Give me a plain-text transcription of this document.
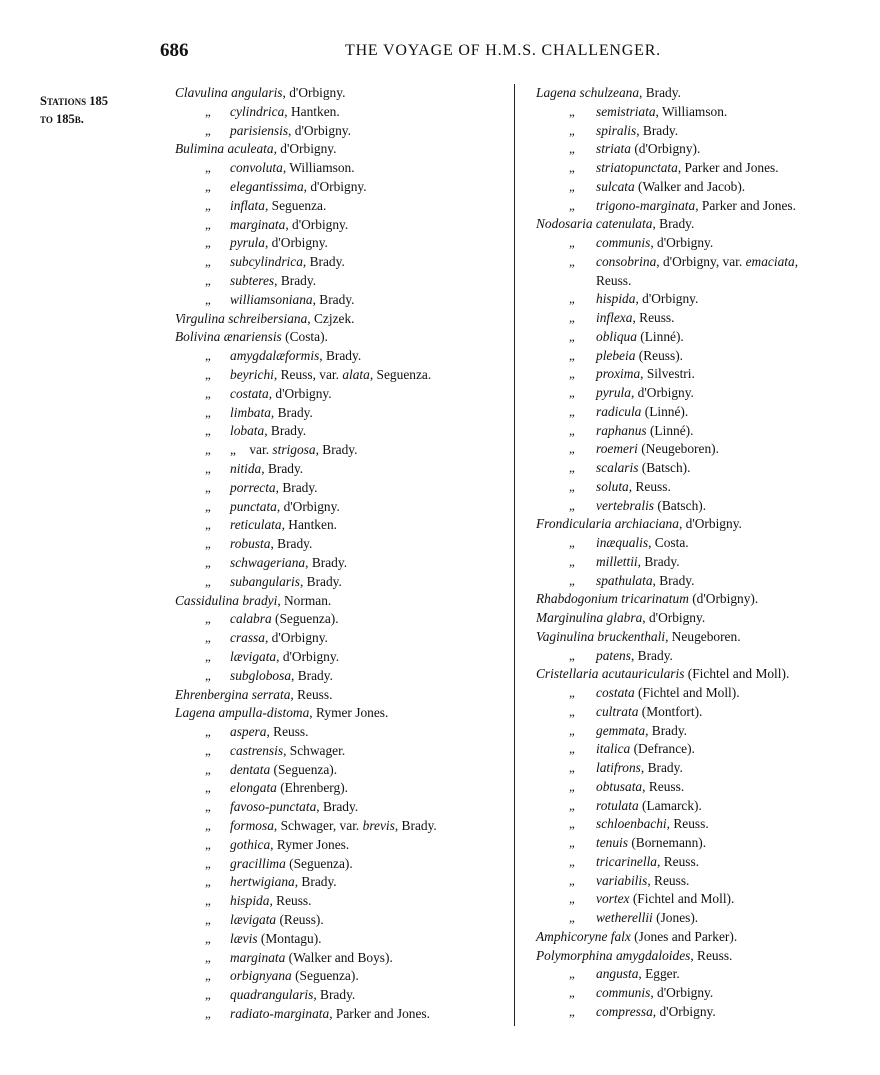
686	THE VOYAGE OF H.M.S. CHALLENGER.
Stations 185
to 185b.
Clavulina angularis, d'Orbigny.
„ cylindrica, Hantken.
„ parisiensis, d'Orbigny.
Bulimina aculeata, d'Orbigny.
„ convoluta, Williamson.
„ elegantissima, d'Orbigny.
„ inflata, Seguenza.
„ marginata, d'Orbigny.
„ pyrula, d'Orbigny.
„ subcylindrica, Brady.
„ subteres, Brady.
„ williamsoniana, Brady.
Virgulina schreibersiana, Czjzek.
Bolivina ænariensis (Costa).
„ amygdalæformis, Brady.
„ beyrichi, Reuss, var. alata, Seguenza.
„ costata, d'Orbigny.
„ limbata, Brady.
„ lobata, Brady.
„ „ var. strigosa, Brady.
„ nitida, Brady.
„ porrecta, Brady.
„ punctata, d'Orbigny.
„ reticulata, Hantken.
„ robusta, Brady.
„ schwageriana, Brady.
„ subangularis, Brady.
Cassidulina bradyi, Norman.
„ calabra (Seguenza).
„ crassa, d'Orbigny.
„ lævigata, d'Orbigny.
„ subglobosa, Brady.
Ehrenbergina serrata, Reuss.
Lagena ampulla-distoma, Rymer Jones.
„ aspera, Reuss.
„ castrensis, Schwager.
„ dentata (Seguenza).
„ elongata (Ehrenberg).
„ favoso-punctata, Brady.
„ formosa, Schwager, var. brevis, Brady.
„ gothica, Rymer Jones.
„ gracillima (Seguenza).
„ hertwigiana, Brady.
„ hispida, Reuss.
„ lævigata (Reuss).
„ lævis (Montagu).
„ marginata (Walker and Boys).
„ orbignyana (Seguenza).
„ quadrangularis, Brady.
„ radiato-marginata, Parker and Jones.
Lagena schulzeana, Brady.
„ semistriata, Williamson.
„ spiralis, Brady.
„ striata (d'Orbigny).
„ striatopunctata, Parker and Jones.
„ sulcata (Walker and Jacob).
„ trigono-marginata, Parker and Jones.
Nodosaria catenulata, Brady.
„ communis, d'Orbigny.
„ consobrina, d'Orbigny, var. emaciata,
Reuss.
„ hispida, d'Orbigny.
„ inflexa, Reuss.
„ obliqua (Linné).
„ plebeia (Reuss).
„ proxima, Silvestri.
„ pyrula, d'Orbigny.
„ radicula (Linné).
„ raphanus (Linné).
„ roemeri (Neugeboren).
„ scalaris (Batsch).
„ soluta, Reuss.
„ vertebralis (Batsch).
Frondicularia archiaciana, d'Orbigny.
„ inæqualis, Costa.
„ millettii, Brady.
„ spathulata, Brady.
Rhabdogonium tricarinatum (d'Orbigny).
Marginulina glabra, d'Orbigny.
Vaginulina bruckenthali, Neugeboren.
„ patens, Brady.
Cristellaria acutauricularis (Fichtel and Moll).
„ costata (Fichtel and Moll).
„ cultrata (Montfort).
„ gemmata, Brady.
„ italica (Defrance).
„ latifrons, Brady.
„ obtusata, Reuss.
„ rotulata (Lamarck).
„ schloenbachi, Reuss.
„ tenuis (Bornemann).
„ tricarinella, Reuss.
„ variabilis, Reuss.
„ vortex (Fichtel and Moll).
„ wetherellii (Jones).
Amphicoryne falx (Jones and Parker).
Polymorphina amygdaloides, Reuss.
„ angusta, Egger.
„ communis, d'Orbigny.
„ compressa, d'Orbigny.
